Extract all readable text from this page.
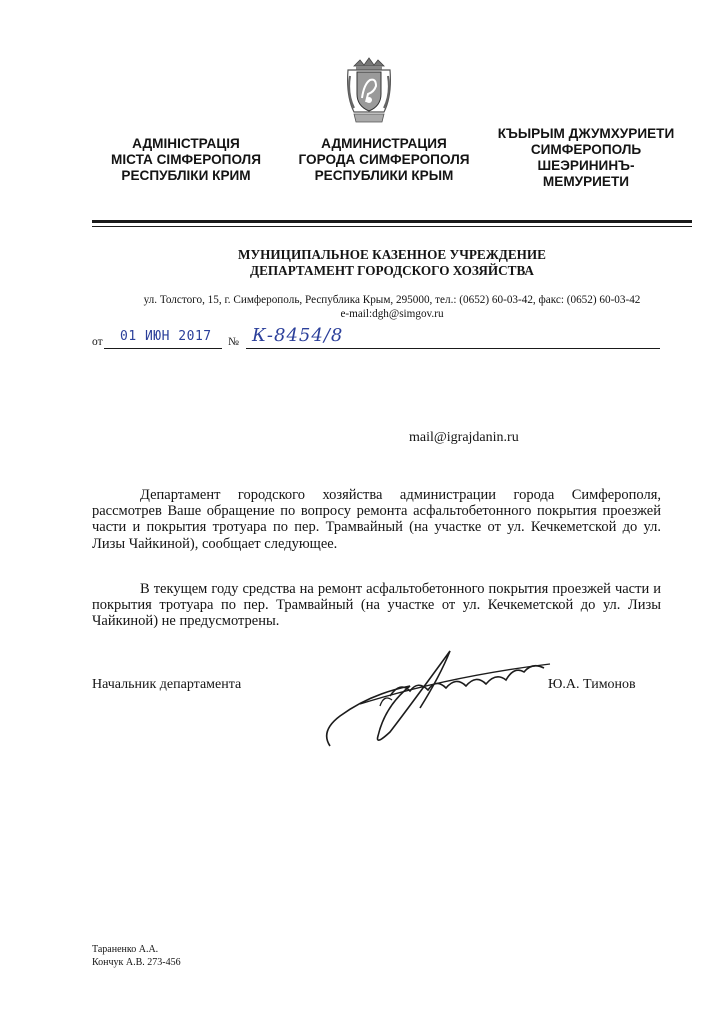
АДМІНІСТРАЦІЯ
МІСТА СІМФЕРОПОЛЯ
РЕСПУБЛІКИ КРИМ
АДМИНИСТРАЦИЯ
ГОРОДА СИМФЕРОПОЛЯ
РЕСПУБЛИКИ КРЫМ
КЪЫРЫМ ДЖУМХУРИЕТИ
СИМФЕРОПОЛЬ
ШЕЭРИНИНЪ-
МЕМУРИЕТИ
МУНИЦИПАЛЬНОЕ КАЗЕННОЕ УЧРЕЖДЕНИЕ
ДЕПАРТАМЕНТ ГОРОДСКОГО ХОЗЯЙСТВА
ул. Толстого, 15, г. Симферополь, Республика Крым, 295000, тел.: (0652) 60-03-42, факс: (0652) 60-03-42
e-mail:dgh@simgov.ru
от 01 ИЮН 2017 № К-8454/8
mail@igrajdanin.ru
Департамент городского хозяйства администрации города Симферополя, рассмотрев Ваше обращение по вопросу ремонта асфальтобетонного покрытия проезжей части и покрытия тротуара по пер. Трамвайный (на участке от ул. Кечкеметской до ул. Лизы Чайкиной), сообщает следующее.
В текущем году средства на ремонт асфальтобетонного покрытия проезжей части и покрытия тротуара по пер. Трамвайный (на участке от ул. Кечкеметской до ул. Лизы Чайкиной) не предусмотрены.
Начальник департамента	Ю.А. Тимонов
Тараненко А.А.
Кончук А.В. 273-456
